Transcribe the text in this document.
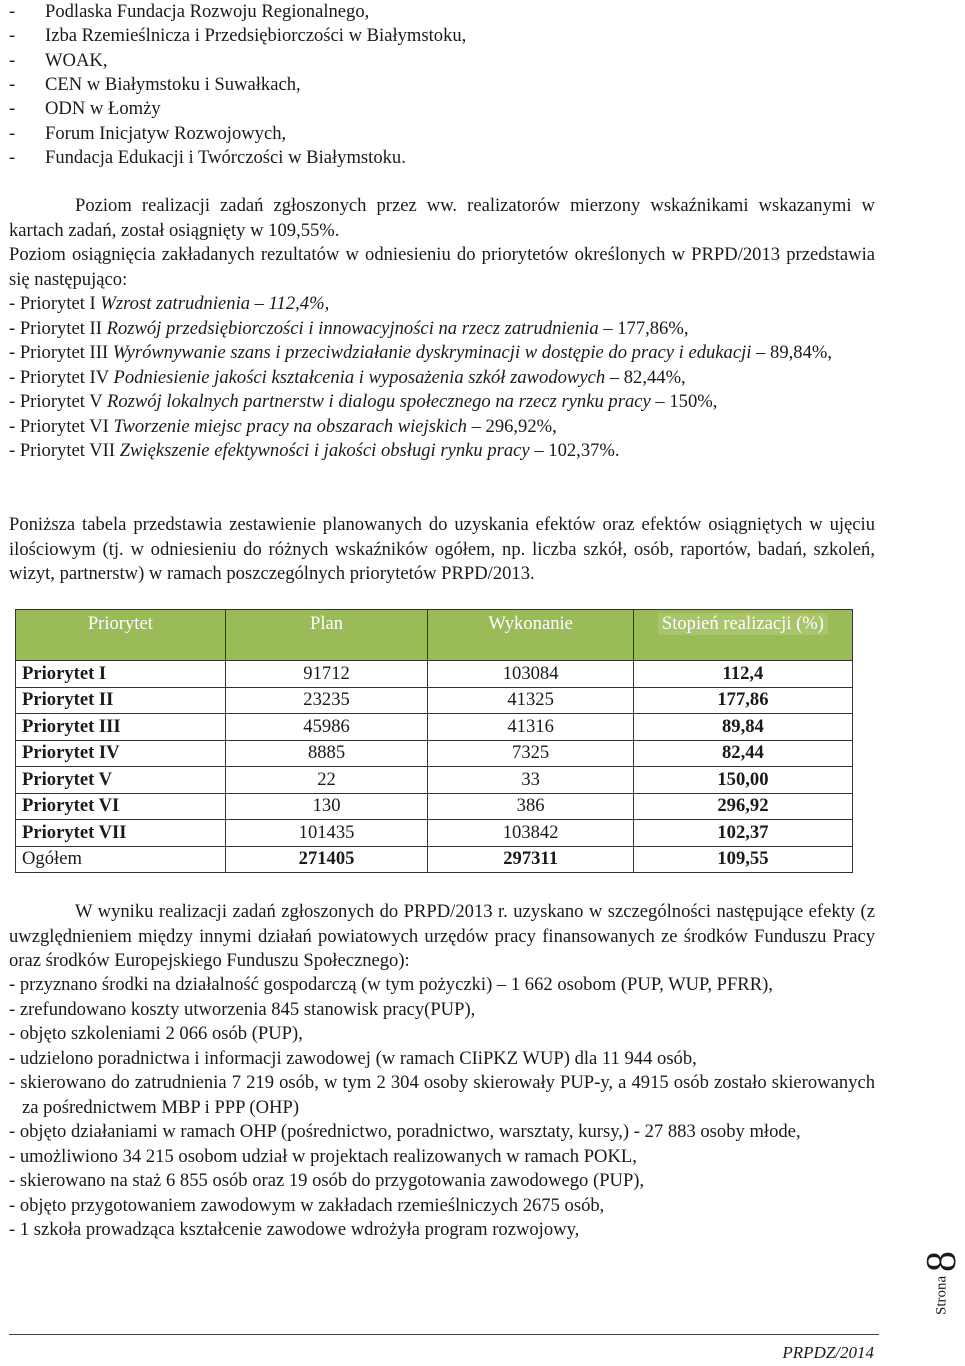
- Podlaska Fundacja Rozwoju Regionalnego,
- Izba Rzemieślnicza i Przedsiębiorczości w Białymstoku,
- WOAK,
- CEN w Białymstoku i Suwałkach,
- ODN w Łomży
- Forum Inicjatyw Rozwojowych,
- Fundacja Edukacji i Twórczości w Białymstoku.
Poziom realizacji zadań zgłoszonych przez ww. realizatorów mierzony wskaźnikami wskazanymi w kartach zadań, został osiągnięty w 109,55%.
Poziom osiągnięcia zakładanych rezultatów w odniesieniu do priorytetów określonych w PRPD/2013 przedstawia się następująco:
- Priorytet I Wzrost zatrudnienia – 112,4%,
- Priorytet II Rozwój przedsiębiorczości i innowacyjności na rzecz zatrudnienia – 177,86%,
- Priorytet III Wyrównywanie szans i przeciwdziałanie dyskryminacji w dostępie do pracy i edukacji – 89,84%,
- Priorytet IV Podniesienie jakości kształcenia i wyposażenia szkół zawodowych – 82,44%,
- Priorytet V Rozwój lokalnych partnerstw i dialogu społecznego na rzecz rynku pracy – 150%,
- Priorytet VI Tworzenie miejsc pracy na obszarach wiejskich – 296,92%,
- Priorytet VII Zwiększenie efektywności i jakości obsługi rynku pracy – 102,37%.
Poniższa tabela przedstawia zestawienie planowanych do uzyskania efektów oraz efektów osiągniętych w ujęciu ilościowym (tj. w odniesieniu do różnych wskaźników ogółem, np. liczba szkół, osób, raportów, badań, szkoleń, wizyt, partnerstw) w ramach poszczególnych priorytetów PRPD/2013.
W wyniku realizacji zadań zgłoszonych do PRPD/2013 r. uzyskano w szczególności następujące efekty (z uwzględnieniem między innymi działań powiatowych urzędów pracy finansowanych ze środków Funduszu Pracy oraz środków Europejskiego Funduszu Społecznego):
- przyznano środki na działalność gospodarczą (w tym pożyczki) – 1 662 osobom (PUP, WUP, PFRR),
- zrefundowano koszty utworzenia 845 stanowisk pracy(PUP),
- objęto szkoleniami 2 066 osób (PUP),
- udzielono poradnictwa i informacji zawodowej (w ramach CIiPKZ WUP) dla 11 944 osób,
- skierowano do zatrudnienia 7 219 osób, w tym 2 304 osoby skierowały PUP-y, a 4915 osób zostało skierowanych za pośrednictwem MBP i PPP (OHP)
- objęto działaniami w ramach OHP (pośrednictwo, poradnictwo, warsztaty, kursy,) - 27 883 osoby młode,
- umożliwiono 34 215 osobom udział w projektach realizowanych w ramach POKL,
- skierowano na staż 6 855 osób oraz 19 osób do przygotowania zawodowego (PUP),
- objęto przygotowaniem zawodowym w zakładach rzemieślniczych 2675 osób,
- 1 szkoła prowadząca kształcenie zawodowe wdrożyła program rozwojowy,
Priorytet	Plan	Wykonanie	Stopień realizacji (%)
Priorytet I	91712	103084	112,4
Priorytet II	23235	41325	177,86
Priorytet III	45986	41316	89,84
Priorytet IV	8885	7325	82,44
Priorytet V	22	33	150,00
Priorytet VI	130	386	296,92
Priorytet VII	101435	103842	102,37
Ogółem	271405	297311	109,55
PRPDZ/2014
Strona 8
